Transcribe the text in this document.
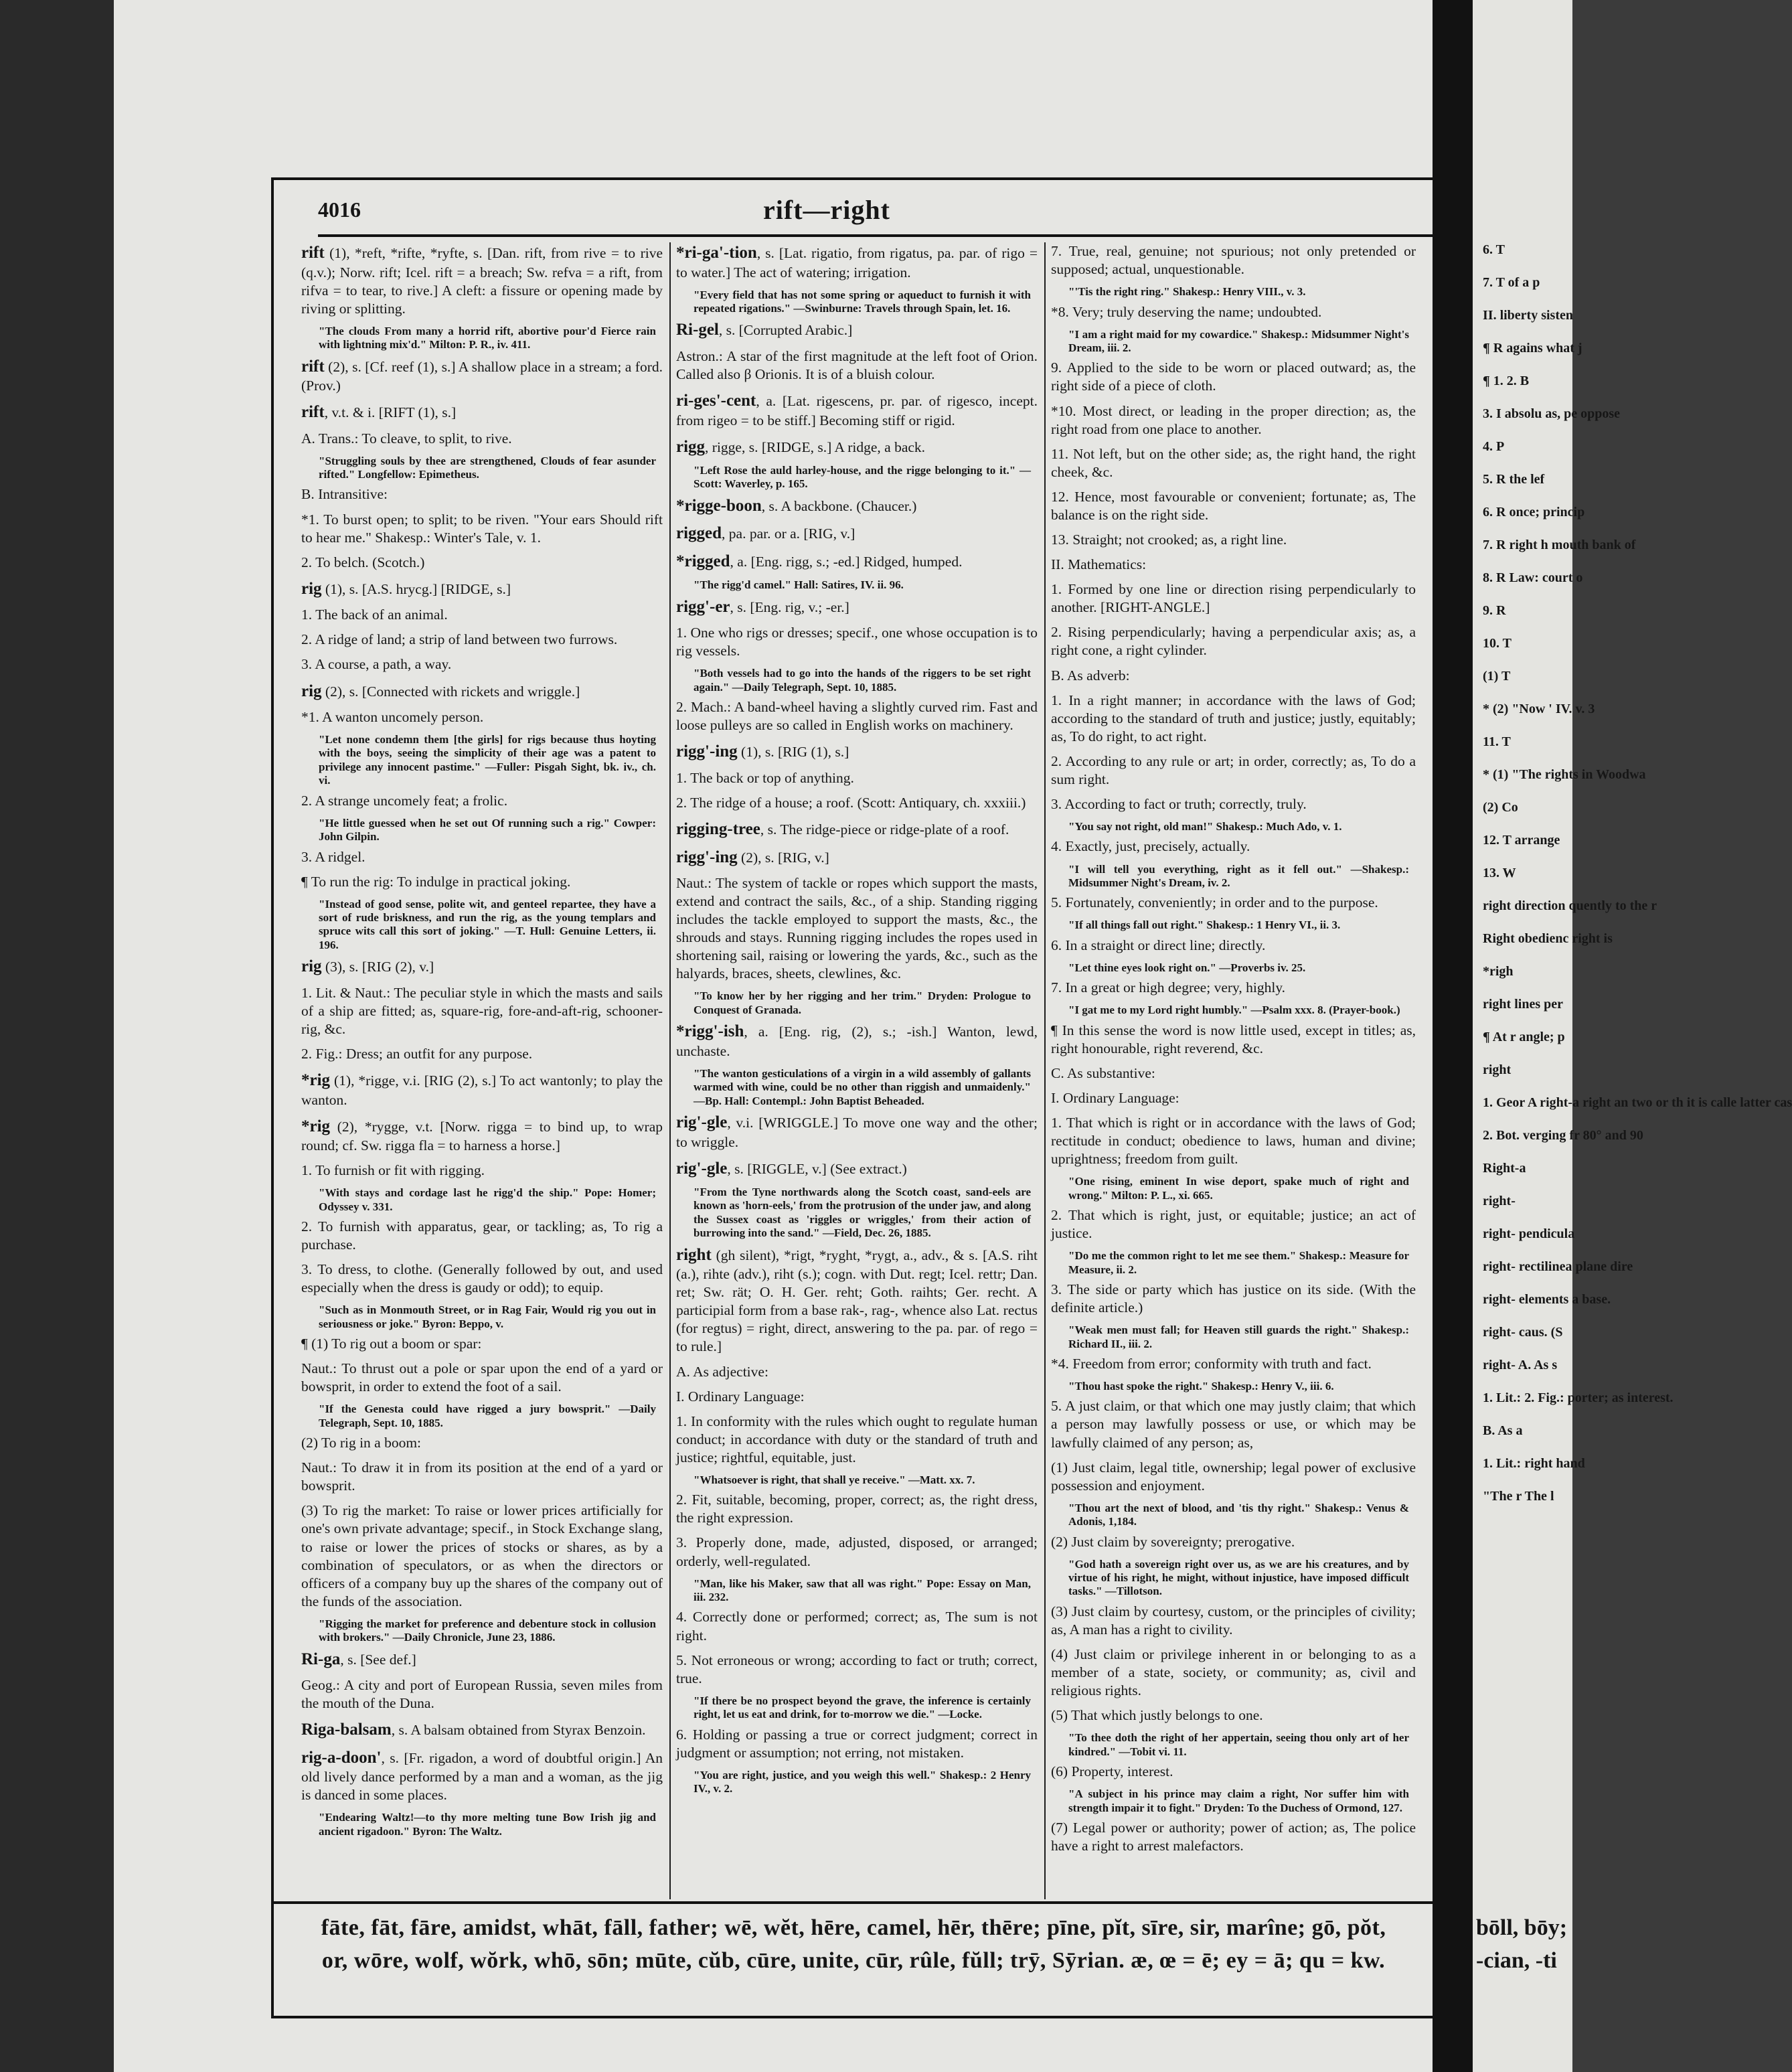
6. T
7. T of a p
II. liberty sisten
¶ R agains what j
¶ 1. 2. B
3. I absolu as, pe oppose
4. P
5. R the lef
6. R once; princip
7. R right h mouth bank of
8. R Law: court o
9. R
10. T
(1) T
* (2) "Now ' IV. v. 3
11. T
* (1) "The rights in Woodwa
(2) Co
12. T arrange
13. W
right direction quently to the r
Right obedienc right is
*righ
right lines per
¶ At r angle; p
right
1. Geor A right-a right an two or th it is calle latter cas
2. Bot. verging fr 80° and 90
Right-a
right-
right- pendicula
right- rectilinea plane dire
right- elements a base.
right- caus. (S
right- A. As s
1. Lit.: 2. Fig.: porter; as interest.
B. As a
1. Lit.: right hand
"The r The l
bōll, bōy;
-cian, -ti
4016	rift—right

rift (1), *reft, *rifte, *ryfte, s. [Dan. rift, from rive = to rive (q.v.); Norw. rift; Icel. rift = a breach; Sw. refva = a rift, from rifva = to tear, to rive.] A cleft: a fissure or opening made by riving or splitting.

"The clouds From many a horrid rift, abortive pour'd Fierce rain with lightning mix'd." Milton: P. R., iv. 411.

rift (2), s. [Cf. reef (1), s.] A shallow place in a stream; a ford. (Prov.)

rift, v.t. & i. [RIFT (1), s.]

A. Trans.: To cleave, to split, to rive.

"Struggling souls by thee are strengthened, Clouds of fear asunder rifted." Longfellow: Epimetheus.

B. Intransitive:

*1. To burst open; to split; to be riven. "Your ears Should rift to hear me." Shakesp.: Winter's Tale, v. 1.

2. To belch. (Scotch.)

rig (1), s. [A.S. hrycg.] [RIDGE, s.]

1. The back of an animal.

2. A ridge of land; a strip of land between two furrows.

3. A course, a path, a way.

rig (2), s. [Connected with rickets and wriggle.]

*1. A wanton uncomely person.

"Let none condemn them [the girls] for rigs because thus hoyting with the boys, seeing the simplicity of their age was a patent to privilege any innocent pastime." —Fuller: Pisgah Sight, bk. iv., ch. vi.

2. A strange uncomely feat; a frolic.

"He little guessed when he set out Of running such a rig." Cowper: John Gilpin.

3. A ridgel.

¶ To run the rig: To indulge in practical joking.

"Instead of good sense, polite wit, and genteel repartee, they have a sort of rude briskness, and run the rig, as the young templars and spruce wits call this sort of joking." —T. Hull: Genuine Letters, ii. 196.

rig (3), s. [RIG (2), v.]

1. Lit. & Naut.: The peculiar style in which the masts and sails of a ship are fitted; as, square-rig, fore-and-aft-rig, schooner-rig, &c.

2. Fig.: Dress; an outfit for any purpose.

*rig (1), *rigge, v.i. [RIG (2), s.] To act wantonly; to play the wanton.

*rig (2), *rygge, v.t. [Norw. rigga = to bind up, to wrap round; cf. Sw. rigga fla = to harness a horse.]

1. To furnish or fit with rigging.

"With stays and cordage last he rigg'd the ship." Pope: Homer; Odyssey v. 331.

2. To furnish with apparatus, gear, or tackling; as, To rig a purchase.

3. To dress, to clothe. (Generally followed by out, and used especially when the dress is gaudy or odd); to equip.

"Such as in Monmouth Street, or in Rag Fair, Would rig you out in seriousness or joke." Byron: Beppo, v.

¶ (1) To rig out a boom or spar:

Naut.: To thrust out a pole or spar upon the end of a yard or bowsprit, in order to extend the foot of a sail.

"If the Genesta could have rigged a jury bowsprit." —Daily Telegraph, Sept. 10, 1885.

(2) To rig in a boom:

Naut.: To draw it in from its position at the end of a yard or bowsprit.

(3) To rig the market: To raise or lower prices artificially for one's own private advantage; specif., in Stock Exchange slang, to raise or lower the prices of stocks or shares, as by a combination of speculators, or as when the directors or officers of a company buy up the shares of the company out of the funds of the association.

"Rigging the market for preference and debenture stock in collusion with brokers." —Daily Chronicle, June 23, 1886.

Ri-ga, s. [See def.]

Geog.: A city and port of European Russia, seven miles from the mouth of the Duna.

Riga-balsam, s. A balsam obtained from Styrax Benzoin.

rig-a-doon', s. [Fr. rigadon, a word of doubtful origin.] An old lively dance performed by a man and a woman, as the jig is danced in some places.

"Endearing Waltz!—to thy more melting tune Bow Irish jig and ancient rigadoon." Byron: The Waltz.

*ri-ga'-tion, s. [Lat. rigatio, from rigatus, pa. par. of rigo = to water.] The act of watering; irrigation.

"Every field that has not some spring or aqueduct to furnish it with repeated rigations." —Swinburne: Travels through Spain, let. 16.

Ri-gel, s. [Corrupted Arabic.]

Astron.: A star of the first magnitude at the left foot of Orion. Called also β Orionis. It is of a bluish colour.

ri-ges'-cent, a. [Lat. rigescens, pr. par. of rigesco, incept. from rigeo = to be stiff.] Becoming stiff or rigid.

rigg, rigge, s. [RIDGE, s.] A ridge, a back.

"Left Rose the auld harley-house, and the rigge belonging to it." —Scott: Waverley, p. 165.

*rigge-boon, s. A backbone. (Chaucer.)

rigged, pa. par. or a. [RIG, v.]

*rigged, a. [Eng. rigg, s.; -ed.] Ridged, humped.

"The rigg'd camel." Hall: Satires, IV. ii. 96.

rigg'-er, s. [Eng. rig, v.; -er.]

1. One who rigs or dresses; specif., one whose occupation is to rig vessels.

"Both vessels had to go into the hands of the riggers to be set right again." —Daily Telegraph, Sept. 10, 1885.

2. Mach.: A band-wheel having a slightly curved rim. Fast and loose pulleys are so called in English works on machinery.

rigg'-ing (1), s. [RIG (1), s.]

1. The back or top of anything.

2. The ridge of a house; a roof. (Scott: Antiquary, ch. xxxiii.)

rigging-tree, s. The ridge-piece or ridge-plate of a roof.

rigg'-ing (2), s. [RIG, v.]

Naut.: The system of tackle or ropes which support the masts, extend and contract the sails, &c., of a ship. Standing rigging includes the tackle employed to support the masts, &c., the shrouds and stays. Running rigging includes the ropes used in shortening sail, raising or lowering the yards, &c., such as the halyards, braces, sheets, clewlines, &c.

"To know her by her rigging and her trim." Dryden: Prologue to Conquest of Granada.

*rigg'-ish, a. [Eng. rig, (2), s.; -ish.] Wanton, lewd, unchaste.

"The wanton gesticulations of a virgin in a wild assembly of gallants warmed with wine, could be no other than riggish and unmaidenly." —Bp. Hall: Contempl.: John Baptist Beheaded.

rig'-gle, v.i. [WRIGGLE.] To move one way and the other; to wriggle.

rig'-gle, s. [RIGGLE, v.] (See extract.)

"From the Tyne northwards along the Scotch coast, sand-eels are known as 'horn-eels,' from the protrusion of the under jaw, and along the Sussex coast as 'riggles or wriggles,' from their action of burrowing into the sand." —Field, Dec. 26, 1885.

right (gh silent), *rigt, *ryght, *rygt, a., adv., & s. [A.S. riht (a.), rihte (adv.), riht (s.); cogn. with Dut. regt; Icel. rettr; Dan. ret; Sw. rät; O. H. Ger. reht; Goth. raihts; Ger. recht. A participial form from a base rak-, rag-, whence also Lat. rectus (for regtus) = right, direct, answering to the pa. par. of rego = to rule.]

A. As adjective:

I. Ordinary Language:

1. In conformity with the rules which ought to regulate human conduct; in accordance with duty or the standard of truth and justice; rightful, equitable, just.

"Whatsoever is right, that shall ye receive." —Matt. xx. 7.

2. Fit, suitable, becoming, proper, correct; as, the right dress, the right expression.

3. Properly done, made, adjusted, disposed, or arranged; orderly, well-regulated.

"Man, like his Maker, saw that all was right." Pope: Essay on Man, iii. 232.

4. Correctly done or performed; correct; as, The sum is not right.

5. Not erroneous or wrong; according to fact or truth; correct, true.

"If there be no prospect beyond the grave, the inference is certainly right, let us eat and drink, for to-morrow we die." —Locke.

6. Holding or passing a true or correct judgment; correct in judgment or assumption; not erring, not mistaken.

"You are right, justice, and you weigh this well." Shakesp.: 2 Henry IV., v. 2.

7. True, real, genuine; not spurious; not only pretended or supposed; actual, unquestionable.

"'Tis the right ring." Shakesp.: Henry VIII., v. 3.

*8. Very; truly deserving the name; undoubted.

"I am a right maid for my cowardice." Shakesp.: Midsummer Night's Dream, iii. 2.

9. Applied to the side to be worn or placed outward; as, the right side of a piece of cloth.

*10. Most direct, or leading in the proper direction; as, the right road from one place to another.

11. Not left, but on the other side; as, the right hand, the right cheek, &c.

12. Hence, most favourable or convenient; fortunate; as, The balance is on the right side.

13. Straight; not crooked; as, a right line.

II. Mathematics:

1. Formed by one line or direction rising perpendicularly to another. [RIGHT-ANGLE.]

2. Rising perpendicularly; having a perpendicular axis; as, a right cone, a right cylinder.

B. As adverb:

1. In a right manner; in accordance with the laws of God; according to the standard of truth and justice; justly, equitably; as, To do right, to act right.

2. According to any rule or art; in order, correctly; as, To do a sum right.

3. According to fact or truth; correctly, truly.

"You say not right, old man!" Shakesp.: Much Ado, v. 1.

4. Exactly, just, precisely, actually.

"I will tell you everything, right as it fell out." —Shakesp.: Midsummer Night's Dream, iv. 2.

5. Fortunately, conveniently; in order and to the purpose.

"If all things fall out right." Shakesp.: 1 Henry VI., ii. 3.

6. In a straight or direct line; directly.

"Let thine eyes look right on." —Proverbs iv. 25.

7. In a great or high degree; very, highly.

"I gat me to my Lord right humbly." —Psalm xxx. 8. (Prayer-book.)

¶ In this sense the word is now little used, except in titles; as, right honourable, right reverend, &c.

C. As substantive:

I. Ordinary Language:

1. That which is right or in accordance with the laws of God; rectitude in conduct; obedience to laws, human and divine; uprightness; freedom from guilt.

"One rising, eminent In wise deport, spake much of right and wrong." Milton: P. L., xi. 665.

2. That which is right, just, or equitable; justice; an act of justice.

"Do me the common right to let me see them." Shakesp.: Measure for Measure, ii. 2.

3. The side or party which has justice on its side. (With the definite article.)

"Weak men must fall; for Heaven still guards the right." Shakesp.: Richard II., iii. 2.

*4. Freedom from error; conformity with truth and fact.

"Thou hast spoke the right." Shakesp.: Henry V., iii. 6.

5. A just claim, or that which one may justly claim; that which a person may lawfully possess or use, or which may be lawfully claimed of any person; as,

(1) Just claim, legal title, ownership; legal power of exclusive possession and enjoyment.

"Thou art the next of blood, and 'tis thy right." Shakesp.: Venus & Adonis, 1,184.

(2) Just claim by sovereignty; prerogative.

"God hath a sovereign right over us, as we are his creatures, and by virtue of his right, he might, without injustice, have imposed difficult tasks." —Tillotson.

(3) Just claim by courtesy, custom, or the principles of civility; as, A man has a right to civility.

(4) Just claim or privilege inherent in or belonging to as a member of a state, society, or community; as, civil and religious rights.

(5) That which justly belongs to one.

"To thee doth the right of her appertain, seeing thou only art of her kindred." —Tobit vi. 11.

(6) Property, interest.

"A subject in his prince may claim a right, Nor suffer him with strength impair it to fight." Dryden: To the Duchess of Ormond, 127.

(7) Legal power or authority; power of action; as, The police have a right to arrest malefactors.

fāte, fāt, fāre, amidst, whāt, fāll, father; wē, wĕt, hēre, camel, hēr, thēre; pīne, pĭt, sīre, sir, marîne; gō, pŏt,
or, wōre, wolf, wŏrk, whō, sōn; mūte, cŭb, cūre, unite, cūr, rûle, fŭll; trȳ, Sȳrian. æ, œ = ē; ey = ā; qu = kw.
